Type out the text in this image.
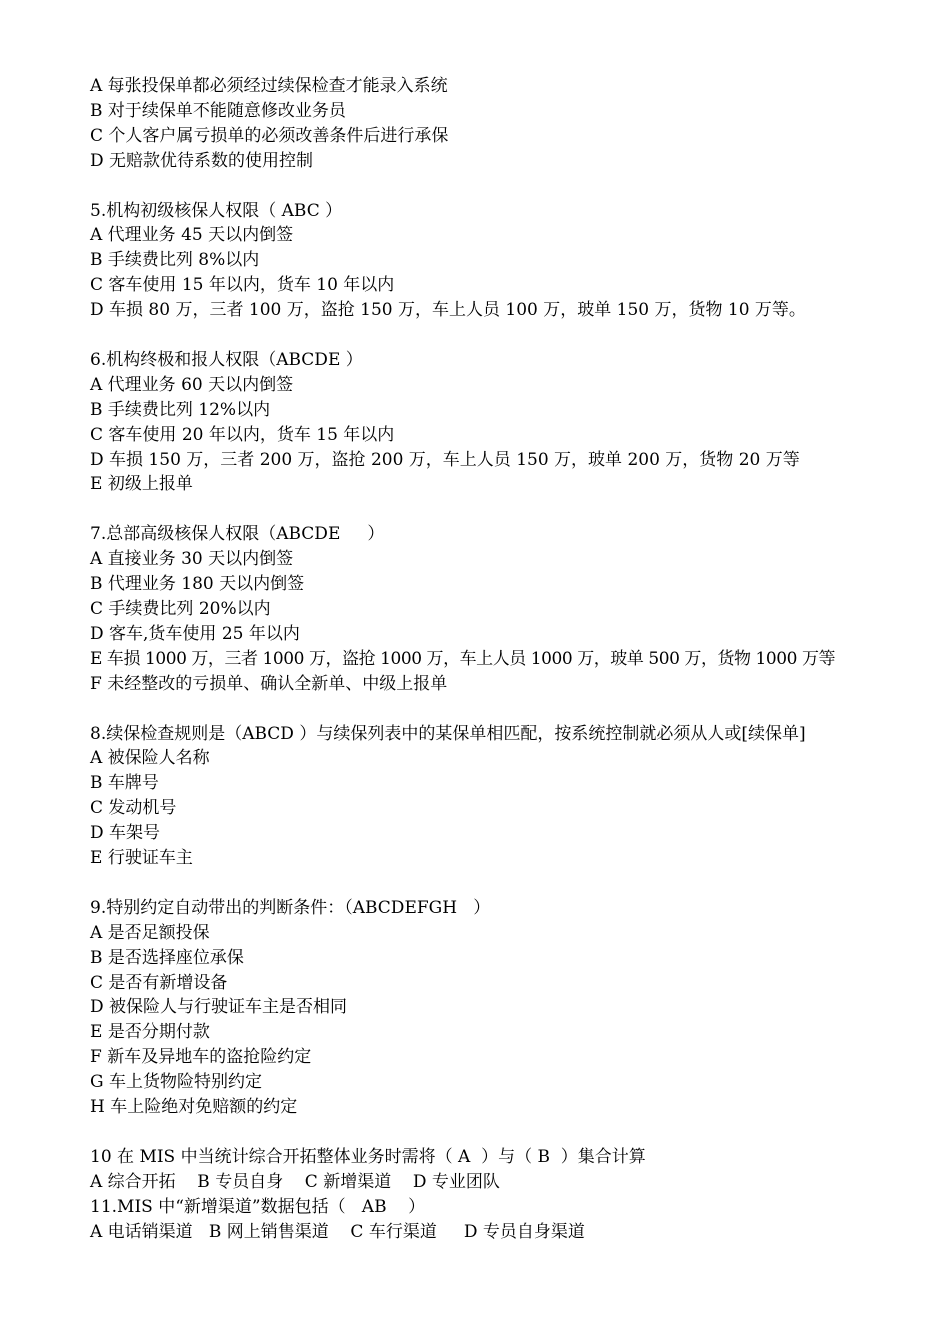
A 每张投保单都必须经过续保检查才能录入系统
B 对于续保单不能随意修改业务员
C 个人客户属亏损单的必须改善条件后进行承保
D 无赔款优待系数的使用控制
5.机构初级核保人权限（ ABC ）
A 代理业务 45 天以内倒签
B 手续费比列 8%以内
C 客车使用 15 年以内，货车 10 年以内
D 车损 80 万，三者 100 万，盗抢 150 万，车上人员 100 万，玻单 150 万，货物 10 万等。
6.机构终极和报人权限（ABCDE ）
A 代理业务 60 天以内倒签
B 手续费比列 12%以内
C 客车使用 20 年以内，货车 15 年以内
D 车损 150 万，三者 200 万，盗抢 200 万，车上人员 150 万，玻单 200 万，货物 20 万等
E 初级上报单
7.总部高级核保人权限（ABCDE     ）
A 直接业务 30 天以内倒签
B 代理业务 180 天以内倒签
C 手续费比列 20%以内
D 客车,货车使用 25 年以内
E 车损 1000 万，三者 1000 万，盗抢 1000 万，车上人员 1000 万，玻单 500 万，货物 1000 万等
F 未经整改的亏损单、确认全新单、中级上报单
8.续保检查规则是（ABCD ）与续保列表中的某保单相匹配，按系统控制就必须从人或[续保单]
A 被保险人名称
B 车牌号
C 发动机号
D 车架号
E 行驶证车主
9.特别约定自动带出的判断条件：（ABCDEFGH   ）
A 是否足额投保
B 是否选择座位承保
C 是否有新增设备
D 被保险人与行驶证车主是否相同
E 是否分期付款
F 新车及异地车的盗抢险约定
G 车上货物险特别约定
H 车上险绝对免赔额的约定
10 在 MIS 中当统计综合开拓整体业务时需将（ A  ）与（ B  ）集合计算
A 综合开拓    B 专员自身    C 新增渠道    D 专业团队
11.MIS 中“新增渠道”数据包括（   AB    ）
A 电话销渠道   B 网上销售渠道    C 车行渠道     D 专员自身渠道
